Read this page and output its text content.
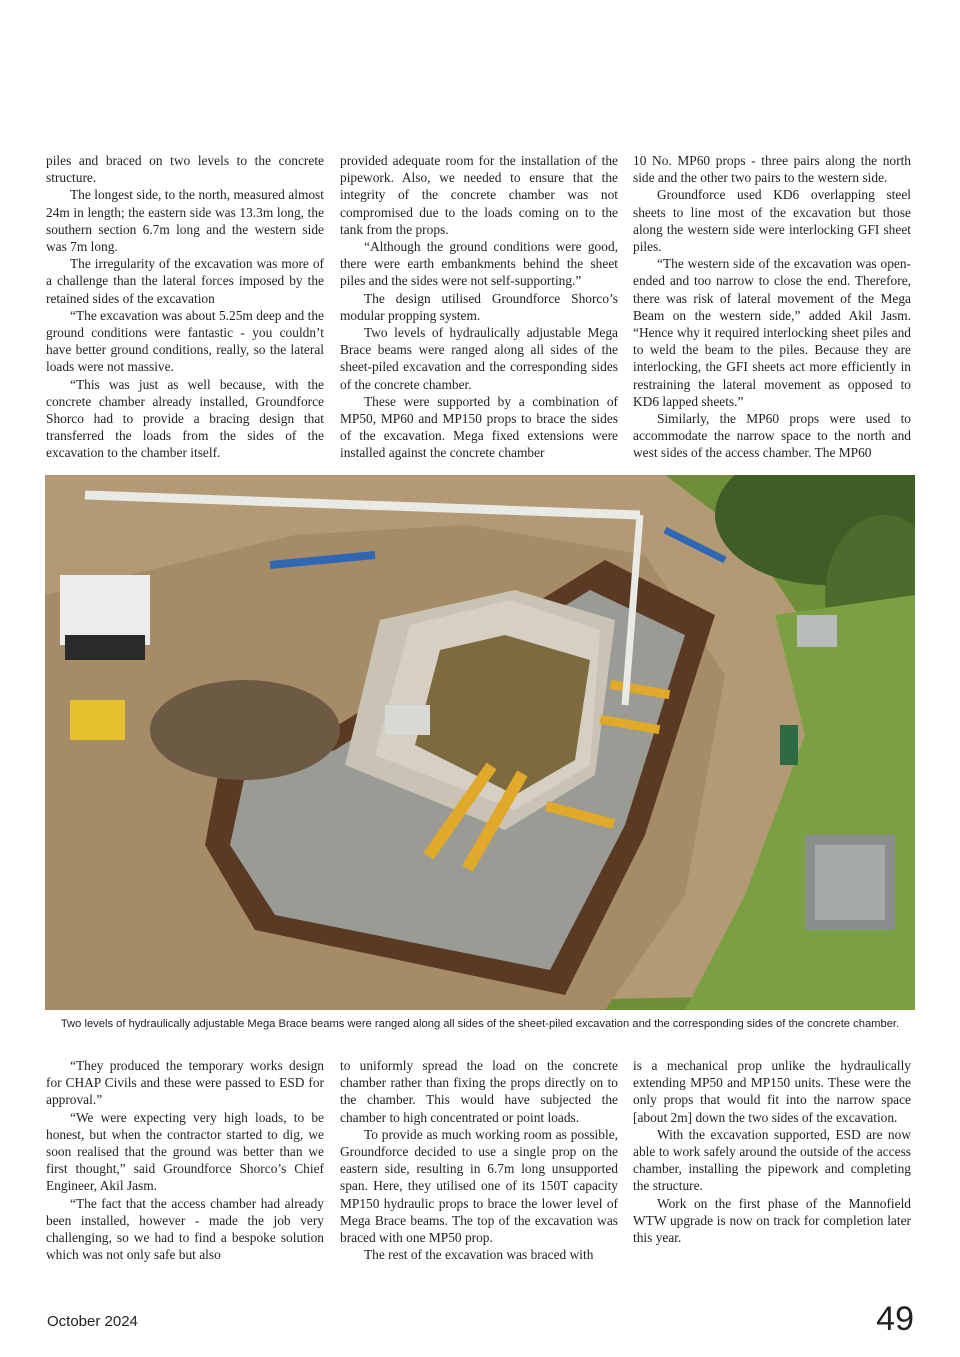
piles and braced on two levels to the concrete structure.

The longest side, to the north, measured almost 24m in length; the eastern side was 13.3m long, the southern section 6.7m long and the western side was 7m long.

The irregularity of the excavation was more of a challenge than the lateral forces imposed by the retained sides of the excavation

“The excavation was about 5.25m deep and the ground conditions were fantastic - you couldn’t have better ground conditions, really, so the lateral loads were not massive.

“This was just as well because, with the concrete chamber already installed, Groundforce Shorco had to provide a bracing design that transferred the loads from the sides of the excavation to the chamber itself.

provided adequate room for the installation of the pipework. Also, we needed to ensure that the integrity of the concrete chamber was not compromised due to the loads coming on to the tank from the props.

“Although the ground conditions were good, there were earth embankments behind the sheet piles and the sides were not self-supporting.”

The design utilised Groundforce Shorco’s modular propping system.

Two levels of hydraulically adjustable Mega Brace beams were ranged along all sides of the sheet-piled excavation and the corresponding sides of the concrete chamber.

These were supported by a combination of MP50, MP60 and MP150 props to brace the sides of the excavation. Mega fixed extensions were installed against the concrete chamber

10 No. MP60 props - three pairs along the north side and the other two pairs to the western side.

Groundforce used KD6 overlapping steel sheets to line most of the excavation but those along the western side were interlocking GFI sheet piles.

“The western side of the excavation was open-ended and too narrow to close the end. Therefore, there was risk of lateral movement of the Mega Beam on the western side,” added Akil Jasm. “Hence why it required interlocking sheet piles and to weld the beam to the piles. Because they are interlocking, the GFI sheets act more efficiently in restraining the lateral movement as opposed to KD6 lapped sheets.”

Similarly, the MP60 props were used to accommodate the narrow space to the north and west sides of the access chamber. The MP60

Two levels of hydraulically adjustable Mega Brace beams were ranged along all sides of the sheet-piled excavation and the corresponding sides of the concrete chamber.

“They produced the temporary works design for CHAP Civils and these were passed to ESD for approval.”

“We were expecting very high loads, to be honest, but when the contractor started to dig, we soon realised that the ground was better than we first thought,” said Groundforce Shorco’s Chief Engineer, Akil Jasm.

“The fact that the access chamber had already been installed, however - made the job very challenging, so we had to find a bespoke solution which was not only safe but also

to uniformly spread the load on the concrete chamber rather than fixing the props directly on to the chamber. This would have subjected the chamber to high concentrated or point loads.

To provide as much working room as possible, Groundforce decided to use a single prop on the eastern side, resulting in 6.7m long unsupported span. Here, they utilised one of its 150T capacity MP150 hydraulic props to brace the lower level of Mega Brace beams. The top of the excavation was braced with one MP50 prop.

The rest of the excavation was braced with

is a mechanical prop unlike the hydraulically extending MP50 and MP150 units. These were the only props that would fit into the narrow space [about 2m] down the two sides of the excavation.

With the excavation supported, ESD are now able to work safely around the outside of the access chamber, installing the pipework and completing the structure.

Work on the first phase of the Mannofield WTW upgrade is now on track for completion later this year.

October 2024	49
